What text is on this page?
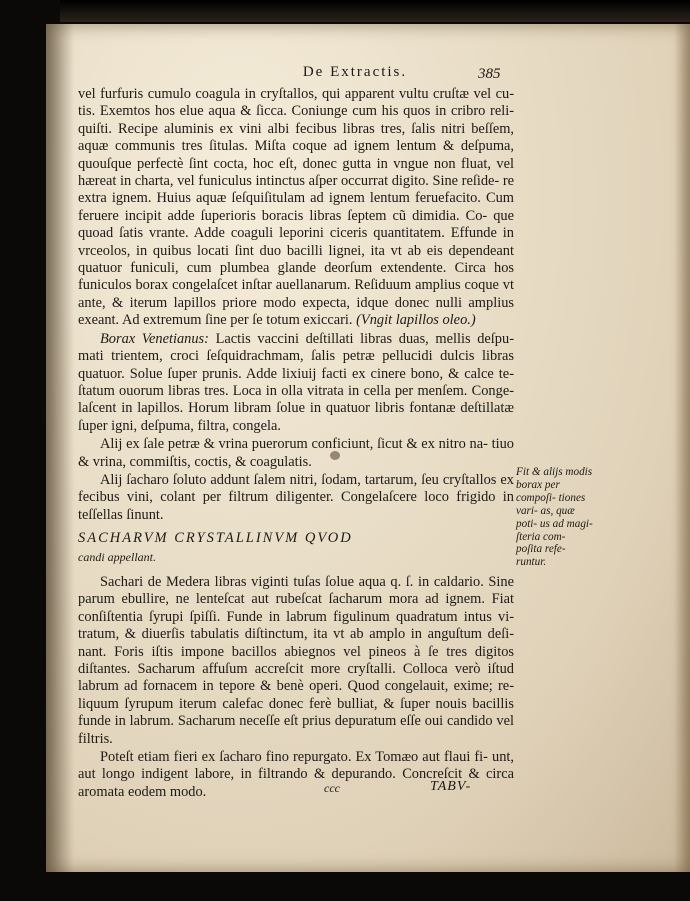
De Extractis.	385

vel furfuris cumulo coagula in cryſtallos, qui apparent vultu cruſtæ vel cu- tis. Exemtos hos elue aqua & ſicca. Coniunge cum his quos in cribro reli- quiſti. Recipe aluminis ex vini albi fecibus libras tres, ſalis nitri beſſem, aquæ communis tres ſitulas. Miſta coque ad ignem lentum & deſpuma, quouſque perfectè ſint cocta, hoc eſt, donec gutta in vngue non fluat, vel hæreat in charta, vel funiculus intinctus aſper occurrat digito. Sine reſide- re extra ignem. Huius aquæ ſeſquiſitulam ad ignem lentum feruefacito. Cum feruere incipit adde ſuperioris boracis libras ſeptem cũ dimidia. Co- que quoad ſatis vrante. Adde coaguli leporini ciceris quantitatem. Effunde in vrceolos, in quibus locati ſint duo bacilli lignei, ita vt ab eis dependeant quatuor funiculi, cum plumbea glande deorſum extendente. Circa hos funiculos borax congelaſcet inſtar auellanarum. Reſiduum amplius coque vt ante, & iterum lapillos priore modo expecta, idque donec nulli amplius exeant. Ad extremum ſine per ſe totum exiccari. (Vngit lapillos oleo.)

Borax Venetianus: Lactis vaccini deſtillati libras duas, mellis deſpu- mati trientem, croci ſeſquidrachmam, ſalis petræ pellucidi dulcis libras quatuor. Solue ſuper prunis. Adde lixiuij facti ex cinere bono, & calce te- ſtatum ouorum libras tres. Loca in olla vitrata in cella per menſem. Conge- laſcent in lapillos. Horum libram ſolue in quatuor libris fontanæ deſtillatæ ſuper igni, deſpuma, filtra, congela.

Alij ex ſale petræ & vrina puerorum conficiunt, ſicut & ex nitro na- tiuo & vrina, commiſtis, coctis, & coagulatis.

Alij ſacharo ſoluto addunt ſalem nitri, ſodam, tartarum, ſeu cryſtallos ex fecibus vini, colant per filtrum diligenter. Congelaſcere loco frigido in teſſellas ſinunt.

SACHARVM CRYSTALLINVM QVOD

candi appellant.

Sachari de Medera libras viginti tuſas ſolue aqua q. ſ. in caldario. Sine parum ebullire, ne lenteſcat aut rubeſcat ſacharum mora ad ignem. Fiat conſiſtentia ſyrupi ſpiſſi. Funde in labrum figulinum quadratum intus vi- tratum, & diuerſis tabulatis diſtinctum, ita vt ab amplo in anguſtum deſi- nant. Foris iſtis impone bacillos abiegnos vel pineos à ſe tres digitos diſtantes. Sacharum affuſum accreſcit more cryſtalli. Colloca verò iſtud labrum ad fornacem in tepore & benè operi. Quod congelauit, exime; re- liquum ſyrupum iterum calefac donec ferè bulliat, & ſuper nouis bacillis funde in labrum. Sacharum neceſſe eſt prius depuratum eſſe oui candido vel filtris.

Poteſt etiam fieri ex ſacharo fino repurgato. Ex Tomæo aut flaui fi- unt, aut longo indigent labore, in filtrando & depurando. Concreſcit & circa aromata eodem modo.

Fit & alijs modis borax per compoſi- tiones vari- as, quæ poti- us ad magi- ſteria com- poſita refe- runtur.
ccc	TABV-
